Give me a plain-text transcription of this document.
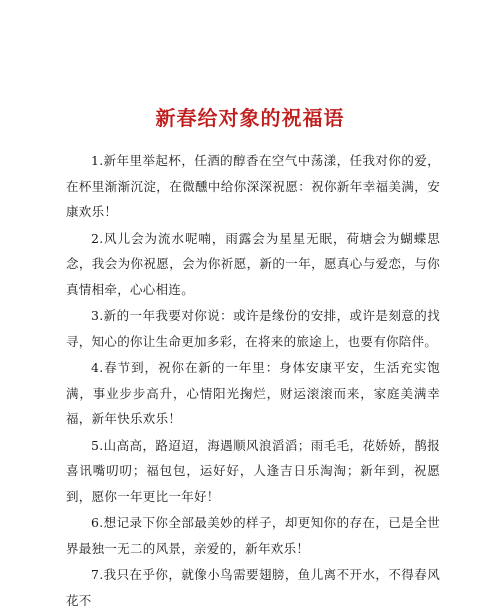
新春给对象的祝福语

1.新年里举起杯，任酒的醇香在空气中荡漾，任我对你的爱，在杯里渐渐沉淀，在微醺中给你深深祝愿：祝你新年幸福美满，安康欢乐！

2.风儿会为流水呢喃，雨露会为星星无眠，荷塘会为蝴蝶思念，我会为你祝愿，会为你祈愿，新的一年，愿真心与爱恋，与你真情相牵，心心相连。

3.新的一年我要对你说：或许是缘份的安排，或许是刻意的找寻，知心的你让生命更加多彩，在将来的旅途上，也要有你陪伴。

4.春节到，祝你在新的一年里：身体安康平安，生活充实饱满，事业步步高升，心情阳光掬烂，财运滚滚而来，家庭美满幸福，新年快乐欢乐！

5.山高高，路迢迢，海遇顺风浪滔滔；雨毛毛，花娇娇，鹊报喜讯嘴叨叨；福包包，运好好，人逢吉日乐淘淘；新年到，祝愿到，愿你一年更比一年好！

6.想记录下你全部最美妙的样子，却更知你的存在，已是全世界最独一无二的风景，亲爱的，新年欢乐！

7.我只在乎你，就像小鸟需要翅膀，鱼儿离不开水，不得春风花不
